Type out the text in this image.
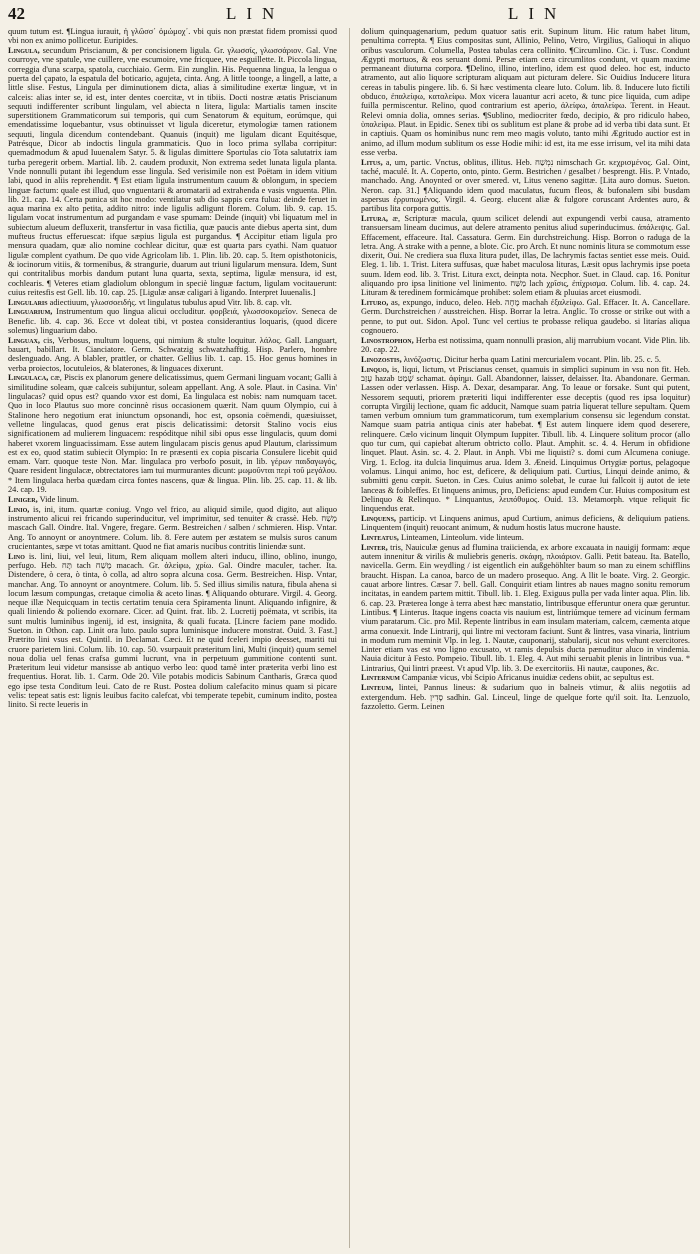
42	LIN	LIN

quum tutum est. ¶Lingua iurauit, ἡ γλῶσσ᾽ ὀμώμοχ᾽. vbi quis non præstat fidem promissi quod vbi non ex animo pollicetur. Euripides.

Lingula, secundum Priscianum, & per concisionem ligula. Gr. γλωσσίς, γλωσσάριον. Gal. Vne courroye, vne spatule, vne cuillere, vne escumoire, vne fricquee, vne esguillette. It. Piccola lingua, correggia d'una scarpa, spatola, cucchiaio. Germ. Ein zunglin. His. Pequenna lingua, la lengua o puerta del çapato, la espatula del boticario, agujeta, cinta. Ang. A little toonge, a lingell, a latte, a little slise. Festus, Lingula per diminutionem dicta, alias à similitudine exertæ linguæ, vt in calceis: alias inter se, id est, inter dentes coercitæ, vt in tibiis. Docti nostræ ætatis Priscianum sequuti indifferenter scribunt lingulam, vel abiecta n litera, ligula: Martialis tamen inscite superstitionem Grammaticorum sui temporis, qui cum Senatorum & equitum, eorúmque, qui emendatissime loquebantur, vsus obtinuisset vt ligula diceretur, etymologiæ tamen rationem sequuti, lingula dicendum contendebant. Quanuis (inquit) me ligulam dicant Equitésque, Patrésque, Dicor ab indoctis lingula grammaticis. Quo in loco prima syllaba corripitur: quemadmodum & apud Iuuenalem Satyr. 5. & ligulas dimittere Sportulas cio Tota salutatrix iam turba peregerit orbem. Martial. lib. 2. caudem produxit, Non extrema sedet lunata ligula planta. Vnde nonnulli putant ibi legendum esse lingula. Sed verisimile non est Poëtam in idem vitium labi, quod in aliis reprehendit. ¶ Est etiam ligula instrumentum cauum & oblongum, in speciem linguæ factum: quale est illud, quo vnguentarii & aromatarii ad extrahenda e vasis vnguenta. Plin. lib. 21. cap. 14. Certa punica sit hoc modo: ventilatur sub dio sappis cera fulua: deinde feruet in aqua marina ex alto petita, addito nitro: inde ligulis adligunt florem. Colum. lib. 9. cap. 15. ligulam vocat instrumentum ad purgandam e vase spumam: Deinde (inquit) vbi liquatum mel in subiectum alueum defluxerit, transfertur in vasa fictilia, quæ paucis ante diebus aperta sint, dum mufteus fructus efferuescat: ifque sæpius ligula est purgandus. ¶ Accipitur etiam ligula pro mensura quadam, quæ alio nomine cochlear dicitur, quæ est quarta pars cyathi. Nam quatuor ligulæ complent cyathum. De quo vide Agricolam lib. 1. Plin. lib. 20. cap. 5. Item opisthotonicis, & iocinorum vitiis, & tormenibus, & strangurie, duarum aut triuni ligularum mensura. Idem, Sunt qui contritalibus morbis dandum putant luna quarta, sexta, septima, ligulæ mensura, id est, cochlearis. ¶ Veteres etiam gladiolum oblongum in speciè linguæ factum, ligulam vocitauerunt: cuius reitesfis est Gell. lib. 10. cap. 25. [Ligulæ ansæ caligari à ligando. Interpret Iuuenalis.]

Lingularis adiectiuum, γλωσσοειδής. vt lingulatus tubulus apud Vitr. lib. 8. cap. vlt.

Linguarium, Instrumentum quo lingua alicui occluditur. φορβειά, γλωσσοκομεῖον. Seneca de Benefic. lib. 4. cap. 36. Ecce vt doleat tibi, vt postea considerantius loquaris, (quod dicere solemus) linguarium dabo.

Linguax, cis, Verbosus, multum loquens, qui nimium & stulte loquitur. λάλος. Gall. Languart, bauart, babillart. It. Cianciatore. Germ. Schwatzig schwatzhafftig. Hisp. Parlero, hombre deslenguado. Ang. A blabler, prattler, or chatter. Gellius lib. 1. cap. 15. Hoc genus homines in verba proiectos, locutuleios, & blaterones, & linguaces dixerunt.

Lingulaca, cæ, Piscis ex planorum genere delicatissimus, quem Germani linguam vocant; Galli à similitudine soleam, quæ calceis subijuntur, soleam appellant. Ang. A sole. Plaut. in Casina. Vin' lingulacas? quid opus est? quando vxor est domi, Ea lingulaca est nobis: nam numquam tacet. Quo in loco Plautus suo more concinnè risus occasionem quærit. Nam quum Olympio, cui à Stalinone hero negotium erat iniunctum opsonandi, hoc est, opsonia coëmendi, quæsiuisset, velletne lingulacas, quod genus erat piscis delicatissimi: detorsit Stalino vocis eius significationem ad mulierem linguacem: respóditque nihil sibi opus esse lingulacis, quum domi haberet vxorem linguacissimam. Esse autem lingulacam piscis genus apud Plautum, clarissimum est ex eo, quod statim subiecit Olympio: In re præsenti ex copia piscaria Consulere licebit quid emam. Varr. quoque teste Non. Mar. lingulaca pro verbofo posuit, in lib. γέρων παιδαγωγός, Quare resident lingulacæ, obtrectatores iam tui murmurantes dicunt: μωμοῦνται περὶ τοῦ μεγάλου. * Item lingulaca herba quædam circa fontes nascens, quæ & lingua. Plin. lib. 25. cap. 11. & lib. 24. cap. 19.

Liniger, Vide linum.

Linio, is, ini, itum. quartæ coniug. Vngo vel frico, au aliquid simile, quod digito, aut aliquo instrumento alicui rei fricando superinducitur, vel imprimitur, sed tenuiter & crassè. Heb. מָשַׁח mascach Gall. Oindre. Ital. Vngere, fregare. Germ. Bestreichen / salben / schmieren. Hisp. Vntar. Ang. To annoynt or anoyntmere. Colum. lib. 8. Fere autem per æstatem se mulsis suros canum crucientantes, sæpe vt totas amittant. Quod ne fiat amaris nucibus contritis liniendæ sunt.

Lino is. lini, liui, vel leui, litum, Rem aliquam mollem alteri inducu, illino, oblino, inungo, perfugo. Heb. תָּח tach מָשַׁח macach. Gr. ἀλείφω, χρίω. Gal. Oindre maculer, tacher. Ita. Distendere, ò cera, ò tinta, ò colla, ad altro sopra alcuna cosa. Germ. Bestreichen. Hisp. Vntar, manchar. Ang. To annoynt or anoyntmere. Colum. lib. 5. Sed illius similis natura, fibula ahena si locum læsum compungas, cretaque cimolia & aceto linas. ¶ Aliquando obturare. Virgil. 4. Georg. neque illæ Nequicquam in tectis certatim tenuia cera Spiramenta linunt. Aliquando infignire, & quali liniendo & poliendo exornare. Cicer. ad Quint. frat. lib. 2. Lucretij poëmata, vt scribis, ita sunt multis luminibus ingenij, id est, insignita, & quali fucata. [Lincre faciem pane modido. Sueton. in Othon. cap. Linit ora luto. paulo supra luminisque inducere monstrat. Ouid. 3. Fast.] Prætrito lini vsus est. Quintil. in Declamat. Cæci. Et ne quid fceleri impio deesset, mariti tui cruore parietem lini. Colum. lib. 10. cap. 50. vsurpauit præteritum lini, Multi (inquit) quum semel noua dolia uel fenas crafsa gummi lucrunt, vna in perpetuum gummitione contenti sunt. Præteritum leui videtur mansisse ab antiquo verbo leo: quod tamè inter præterita verbi lino est frequentius. Horat. lib. 1. Carm. Ode 20. Vile potabis modicis Sabinum Cantharis, Græca quod ego ipse testa Conditum leui. Cato de re Rust. Postea dolium calefacito minus quam si picare velis: tepeat satis est: lignis leuibus facito calefcat, vbi temperate tepebit, cuminum indito, postea linito. Si recte leueris in

dolium quinquagenarium, pedum quatuor satis erit. Supinum litum. Hic ratum habet litum, penultima correpta. ¶ Eius compositas sunt, Allinio, Pelino, Vetro, Virgilius, Galioqui in aliquo oribus vasculorum. Columella, Postea tabulas cera collinito. ¶Circumlino. Cic. i. Tusc. Condunt Ægypti mortuos, & eos seruant domi. Persæ etiam cera circumlitos condunt, vt quam maxime permaneant diuturna corpora. ¶Delino, illino, interlino, idem est quod deleo. hoc est, inducto atramento, aut alio liquore scripturam aliquam aut picturam delere. Sic Ouidius Inducere litura cereas in tabulis pingere. lib. 6. Si hæc vestimenta cleare luto. Colum. lib. 8. Inducere luto fictili obduco, ἐπαλείφω, καταλείφω. Mox vicera lauantur acri aceto, & tunc pice liquida, cum adipe fuilla permiscentur. Relino, quod contrarium est aperio, ἀλείφω, ἀπαλείφω. Terent. in Heaut. Relevi omnia dolia, omnes serias. ¶Sublino, mediocriter fœdo, decipio, & pro ridiculo habeo, ὑπαλείφω. Plaut. in Epidic. Senex tibi os sublitum est plane & probe ad id verba tibi data sunt. Et in captiuis. Quam os hominibus nunc rem meo magis voluto, tanto mihi Ægritudo auctior est in animo, ad illum modum sublitum os esse Hodie mihi: id est, ita me esse irrisum, vel ita mihi data esse verba.

Litus, a, um, partic. Vnctus, oblitus, illitus. Heb. נִמְשַׁח nimschach Gr. κεχρισμένος. Gal. Oint, taché, maculé. It. A. Coperto, onto, pinto. Germ. Bestrichen / gesalbet / besprengt. His. P. Vntado, manchado. Ang. Anoynted or over smered. vt, Litus veneno sagittæ. [Lita auro domus. Sueton. Neron. cap. 31.] ¶Aliquando idem quod maculatus, fucum fleos, & bufonalem sibi busdam aspersus ἐρρυπωμένος. Virgil. 4. Georg. elucent aliæ & fulgore coruscant Ardentes auro, & partibus lita corpora guttis.

Litura, æ, Scripturæ macula, quum scilicet delendi aut expungendi verbi causa, atramento transuersam lineam ducimus, aut delere atramento penitus aliud superinducimus. ἀπάλειψις. Gal. Effacement, effaceure. Ital. Cassatura. Germ. Ein durchstreichung. Hisp. Borron o raduga de la letra. Ang. A strake with a penne, a blote. Cic. pro Arch. Et nunc nominis litura se commotum esse dixerit, Oui. Ne crediera sua fluxa litura pudet, illas, De lachrymis factas sentiet esse meis. Ouid. Eleg. 1. lib. 1. Trist. Litera suffusas, quæ habet maculosa lituras, Læsit opus lachrymis ipse poeta suum. Idem eod. lib. 3. Trist. Litura exct, deinpta nota. Necphor. Suet. in Claud. cap. 16. Ponitur aliquando pro ipsa linitione vel linimento. מַשַּׁח lach χρῖσις, ἐπίχρισμα. Colum. lib. 4. cap. 24. Lituram & teredinem formicámque prohibet: solem etiam & pluuias arcet eiusmodi.

Lituro, as, expungo, induco, deleo. Heb. מָחָה machah ἐξαλείφω. Gal. Effacer. It. A. Cancellare. Germ. Durchstreichen / ausstreichen. Hisp. Borrar la letra. Anglic. To crosse or strike out with a penne, to put out. Sidon. Apol. Tunc vel certius te probasse reliqua gaudebo. si litarías aliqua cognouero.

Linostrophon, Herba est notissima, quam nonnulli prasion, alij marrubium vocant. Vide Plin. lib. 20. cap. 22.

Linozostis, λινόζωστις. Dicitur herba quam Latini mercurialem vocant. Plin. lib. 25. c. 5.

Linquo, is, liqui, lictum, vt Priscianus censet, quamuis in simplici supinum in vsu non fit. Heb. עָזַב hazab שָׁמַט schamat. ἀφίημι. Gall. Abandonner, laisser, delaisser. Ita. Abandonare. German. Lassen oder verlassen. Hisp. A. Dexar, desamparar. Ang. To leaue or forsake. Sunt qui putent, Nessorem sequuti, priorem præteriti liqui indifferenter esse deceptis (quod res ipsa loquitur) corrupta Virgilij lectione, quam fic adducit, Namque suam patria liquerat tellure sepultam. Quem tamen verbum omnium tum grammaticorum, tum exemplarium consensu sic legendum constat. Namque suam patria antiqua cinis ater habebat. ¶ Est autem linquere idem quod deserere, relinquere. Cælo vicinum linquit Olympum Iuppiter. Tibull. lib. 4. Linquere solitum procor (allo quo tur cum, qui capiebat alterum obtricto collo. Plaut. Amphit. sc. 4. 4. Herum in obfidione linquet. Plaut. Asin. sc. 4. 2. Plaut. in Anph. Vbi me liquisti? s. domi cum Alcumena coniuge. Virg. 1. Eclog. ita dulcia linquimus arua. Idem 3. Æneid. Linquimus Ortygiæ portus, pelagoque volamus. Linqui animo, hoc est, deficere, & deliquium pati. Curtius, Linqui deinde animo, & submitti genu cœpit. Sueton. in Cæs. Cuius animo solebat, le curae lui fallcoit ij autot de iete lanceas & foibleffes. Et linquens animus, pro, Deficiens: apud eundem Cur. Huius compositum est Delinquo & Relinquo. * Linquantus, λειπόθυμος. Ouid. 13. Metamorph. vtque reliquit fic linquendus erat.

Linquens, particip. vt Linquens animus, apud Curtium, animus deficiens, & deliquium patiens. Linquentem (inquit) reuocant animum, & nudum hostis latus mucrone hauste.

Linteatus, Linteamen, Linteolum. vide linteum.

Linter, tris, Nauiculæ genus ad flumina traiicienda, ex arbore excauata in nauigij formam: æque autem innenitur & virilis & muliebris generis. σκάφη, πλοιάριον. Galli. Petit bateau. Ita. Batello, navicella. Germ. Ein weydling / ist eigentlich ein außgehöhlter baum so man zu einem schifflins braucht. Hispan. La canoa, barco de un madero prosequo. Ang. A llit le boate. Virg. 2. Georgic. cauat arbore lintres. Cæsar 7. bell. Gall. Conquirit etiam lintres ab naues magno sonitu remorum incitatas, in eandem partem mittit. Tibull. lib. 1. Eleg. Exiguus pulla per vada linter aqua. Plin. lib. 6. cap. 23. Præterea longe à terra abest hæc manstatio, lintribusque efferuntur onera quæ geruntur. Lintibus. ¶ Linterus. Itaque ingens coacta vis nauium est, lintriúmque temere ad vicinum fermam vium paratarum. Cic. pro Mil. Repente lintribus in eam insulam materiam, calcem, cæmenta atque arma conuexit. Inde Lintrarij, qui lintre mi vectoram faciunt. Sunt & lintres, vasa vinaria, lintrium in modum rum meminit Vlp. in leg. 1. Nautæ, cauponarij, stabularij, sicut nos vehunt exercitores. Linter etiam vas est vno ligno excusato, vt ramis depulsis ducta pænuditur aluco in vindemia. Nauia dicitur à Festo. Pompeio. Tibull. lib. 1. Eleg. 4. Aut mihi seruabit plenis in lintribus vua. * Lintrarius, Qui lintri præest. Vt apud Vlp. lib. 3. De exercitoriis. Hi nautæ, caupones, &c.

Linternum Campaniæ vicus, vbi Scipio Africanus inuidiæ cedens obiit, ac sepultus est.

Linteum, lintei, Pannus lineus: & sudarium quo in balneis vtimur, & aliis negotiis ad extergendum. Heb. סָדִין sadhin. Gal. Linceul, linge de quelque forte qu'il soit. Ita. Lenzuolo, fazzoletto. Germ. Leinen
